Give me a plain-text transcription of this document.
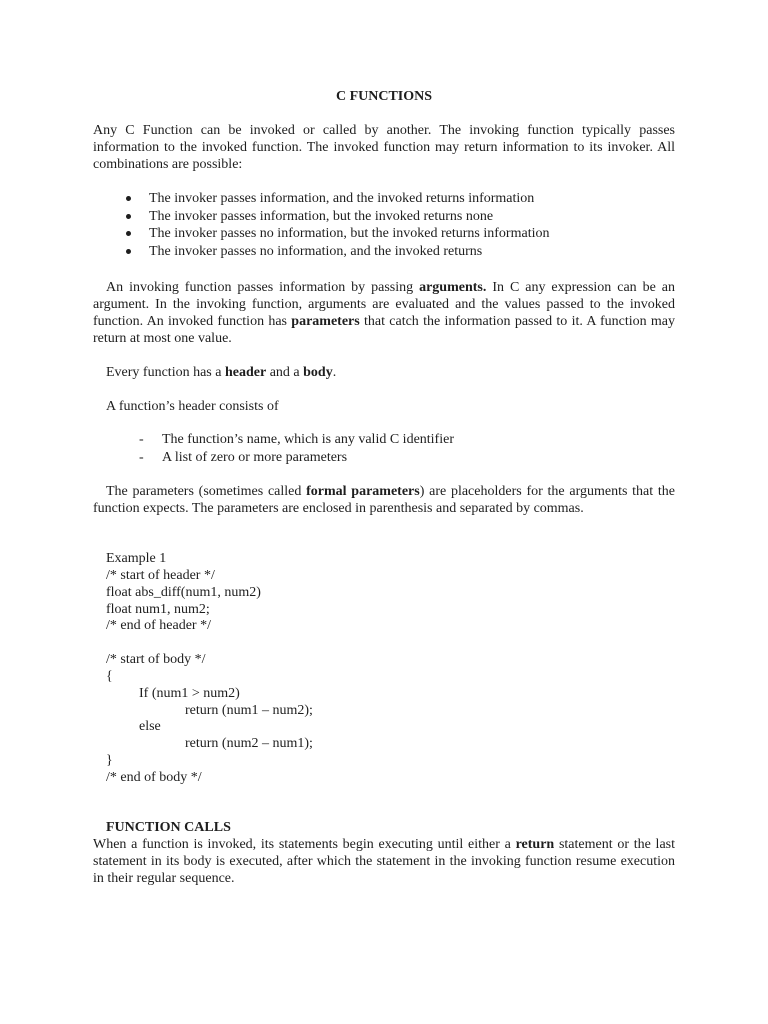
C FUNCTIONS
Any C Function can be invoked or called by another. The invoking function typically passes information to the invoked function. The invoked function may return information to its invoker. All combinations are possible:
The invoker passes information, and the invoked returns information
The invoker passes information, but the invoked returns none
The invoker passes no information, but the invoked returns information
The invoker passes no information, and the invoked returns
An invoking function passes information by passing arguments. In C any expression can be an argument. In the invoking function, arguments are evaluated and the values passed to the invoked function. An invoked function has parameters that catch the information passed to it. A function may return at most one value.
Every function has a header and a body.
A function’s header consists of
- The function’s name, which is any valid C identifier
- A list of zero or more parameters
The parameters (sometimes called formal parameters) are placeholders for the arguments that the function expects. The parameters are enclosed in parenthesis and separated by commas.
Example 1
/* start of header */
float abs_diff(num1, num2)
float num1, num2;
/* end of header */
/* start of body */
{
If (num1 > num2)
return (num1 – num2);
else
return (num2 – num1);
}
/* end of body */
FUNCTION CALLS
When a function is invoked, its statements begin executing until either a return statement or the last statement in its body is executed, after which the statement in the invoking function resume execution in their regular sequence.
